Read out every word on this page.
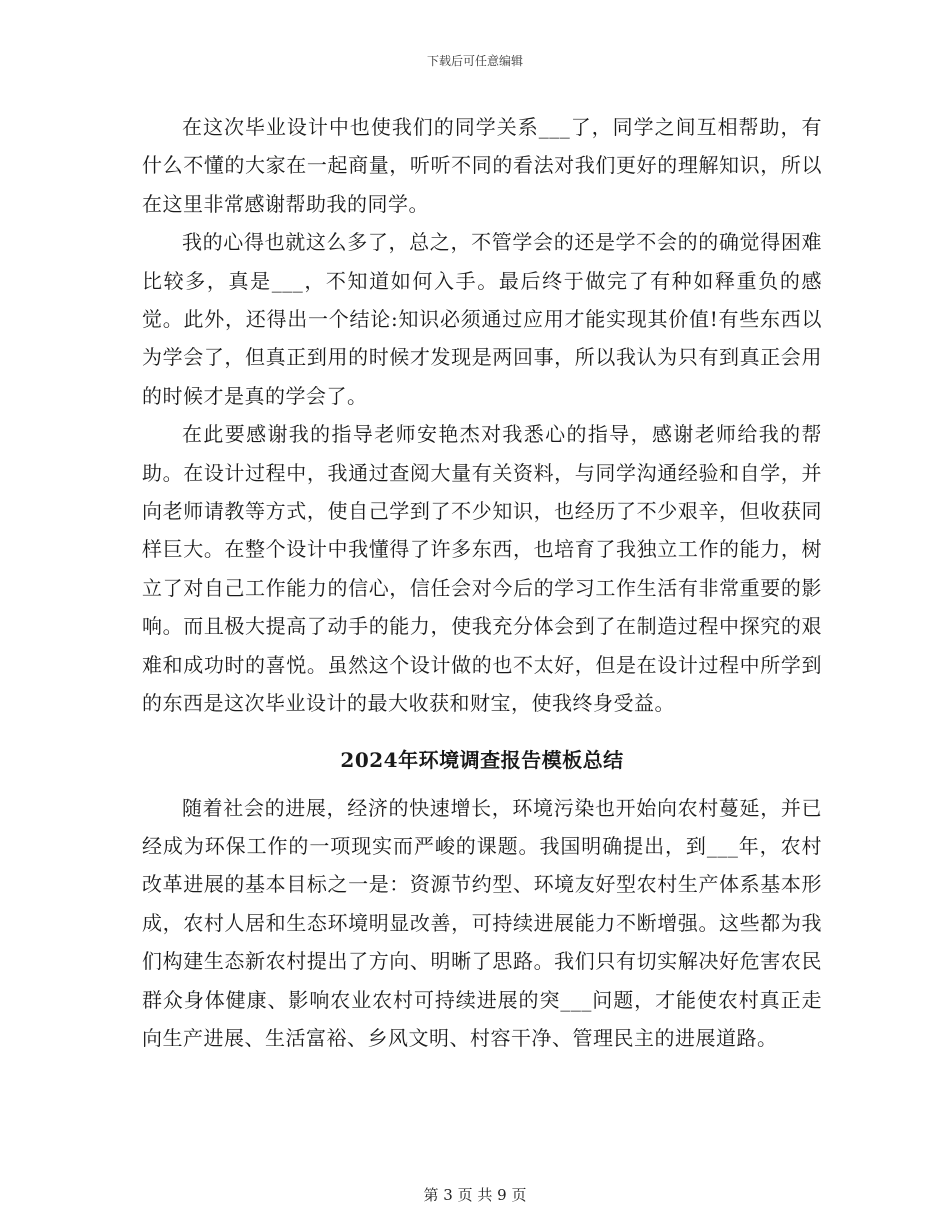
下载后可任意编辑

在这次毕业设计中也使我们的同学关系___了，同学之间互相帮助，有什么不懂的大家在一起商量，听听不同的看法对我们更好的理解知识，所以在这里非常感谢帮助我的同学。

我的心得也就这么多了，总之，不管学会的还是学不会的的确觉得困难比较多，真是___，不知道如何入手。最后终于做完了有种如释重负的感觉。此外，还得出一个结论:知识必须通过应用才能实现其价值!有些东西以为学会了，但真正到用的时候才发现是两回事，所以我认为只有到真正会用的时候才是真的学会了。

在此要感谢我的指导老师安艳杰对我悉心的指导，感谢老师给我的帮助。在设计过程中，我通过查阅大量有关资料，与同学沟通经验和自学，并向老师请教等方式，使自己学到了不少知识，也经历了不少艰辛，但收获同样巨大。在整个设计中我懂得了许多东西，也培育了我独立工作的能力，树立了对自己工作能力的信心，信任会对今后的学习工作生活有非常重要的影响。而且极大提高了动手的能力，使我充分体会到了在制造过程中探究的艰难和成功时的喜悦。虽然这个设计做的也不太好，但是在设计过程中所学到的东西是这次毕业设计的最大收获和财宝，使我终身受益。

2024年环境调查报告模板总结

随着社会的进展，经济的快速增长，环境污染也开始向农村蔓延，并已经成为环保工作的一项现实而严峻的课题。我国明确提出，到___年，农村改革进展的基本目标之一是：资源节约型、环境友好型农村生产体系基本形成，农村人居和生态环境明显改善，可持续进展能力不断增强。这些都为我们构建生态新农村提出了方向、明晰了思路。我们只有切实解决好危害农民群众身体健康、影响农业农村可持续进展的突___问题，才能使农村真正走向生产进展、生活富裕、乡风文明、村容干净、管理民主的进展道路。

第 3 页 共 9 页
